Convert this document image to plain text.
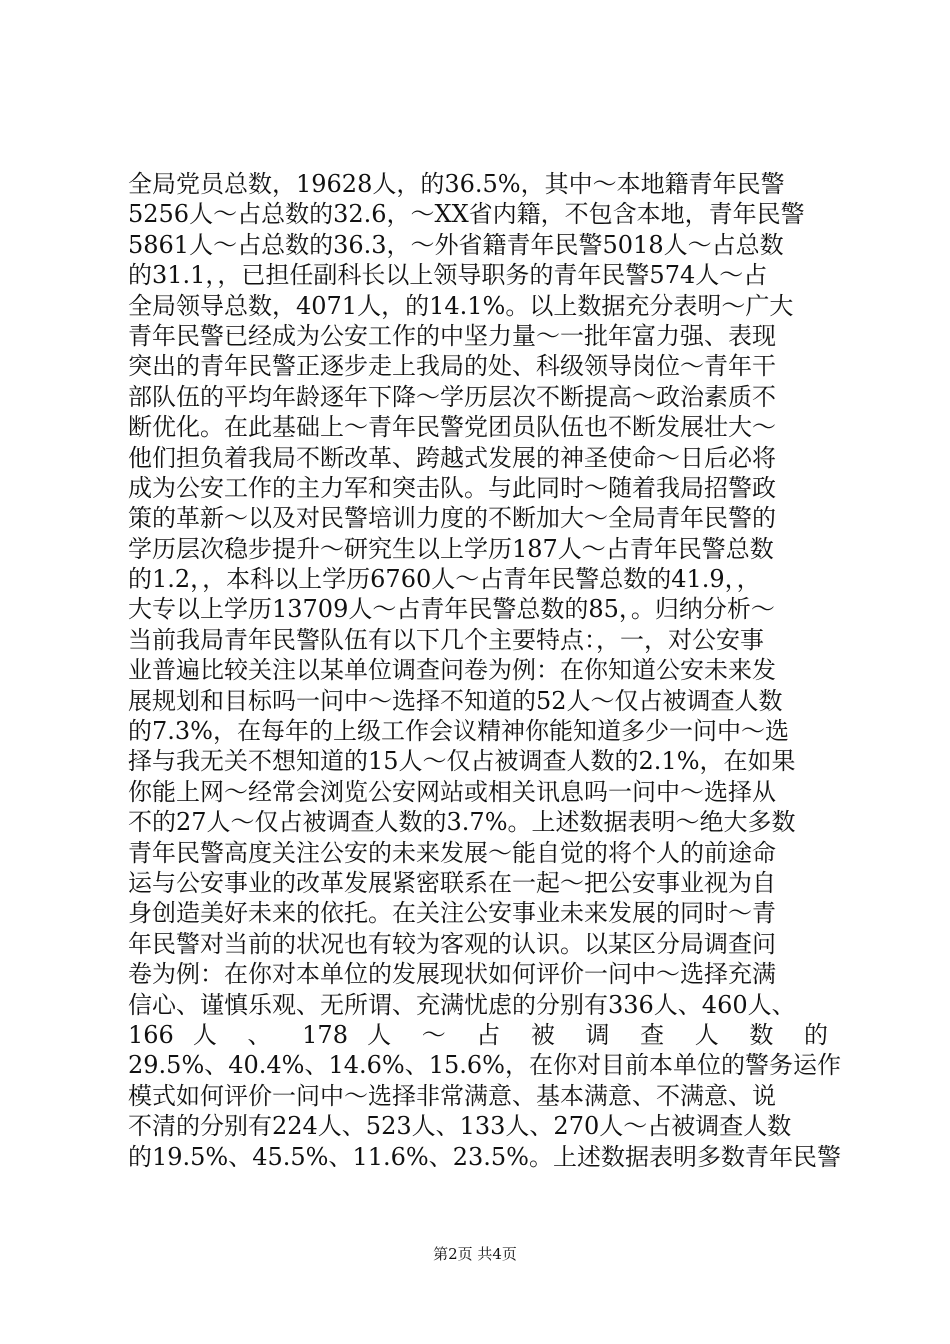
全局党员总数，19628人，的36.5%，其中～本地籍青年民警
5256人～占总数的32.6，～XX省内籍，不包含本地，青年民警
5861人～占总数的36.3，～外省籍青年民警5018人～占总数
的31.1，，已担任副科长以上领导职务的青年民警574人～占
全局领导总数，4071人，的14.1%。以上数据充分表明～广大
青年民警已经成为公安工作的中坚力量～一批年富力强、表现
突出的青年民警正逐步走上我局的处、科级领导岗位～青年干
部队伍的平均年龄逐年下降～学历层次不断提高～政治素质不
断优化。在此基础上～青年民警党团员队伍也不断发展壮大～
他们担负着我局不断改革、跨越式发展的神圣使命～日后必将
成为公安工作的主力军和突击队。与此同时～随着我局招警政
策的革新～以及对民警培训力度的不断加大～全局青年民警的
学历层次稳步提升～研究生以上学历187人～占青年民警总数
的1.2，，本科以上学历6760人～占青年民警总数的41.9，，
大专以上学历13709人～占青年民警总数的85，。归纳分析～
当前我局青年民警队伍有以下几个主要特点：，一，对公安事
业普遍比较关注以某单位调查问卷为例：在你知道公安未来发
展规划和目标吗一问中～选择不知道的52人～仅占被调查人数
的7.3%，在每年的上级工作会议精神你能知道多少一问中～选
择与我无关不想知道的15人～仅占被调查人数的2.1%，在如果
你能上网～经常会浏览公安网站或相关讯息吗一问中～选择从
不的27人～仅占被调查人数的3.7%。上述数据表明～绝大多数
青年民警高度关注公安的未来发展～能自觉的将个人的前途命
运与公安事业的改革发展紧密联系在一起～把公安事业视为自
身创造美好未来的依托。在关注公安事业未来发展的同时～青
年民警对当前的状况也有较为客观的认识。以某区分局调查问
卷为例：在你对本单位的发展现状如何评价一问中～选择充满
信心、谨慎乐观、无所谓、充满忧虑的分别有336人、460人、
166 人 、 178 人 ～ 占 被 调 查 人 数 的
29.5%、40.4%、14.6%、15.6%，在你对目前本单位的警务运作
模式如何评价一问中～选择非常满意、基本满意、不满意、说
不清的分别有224人、523人、133人、270人～占被调查人数
的19.5%、45.5%、11.6%、23.5%。上述数据表明多数青年民警
第2页 共4页
